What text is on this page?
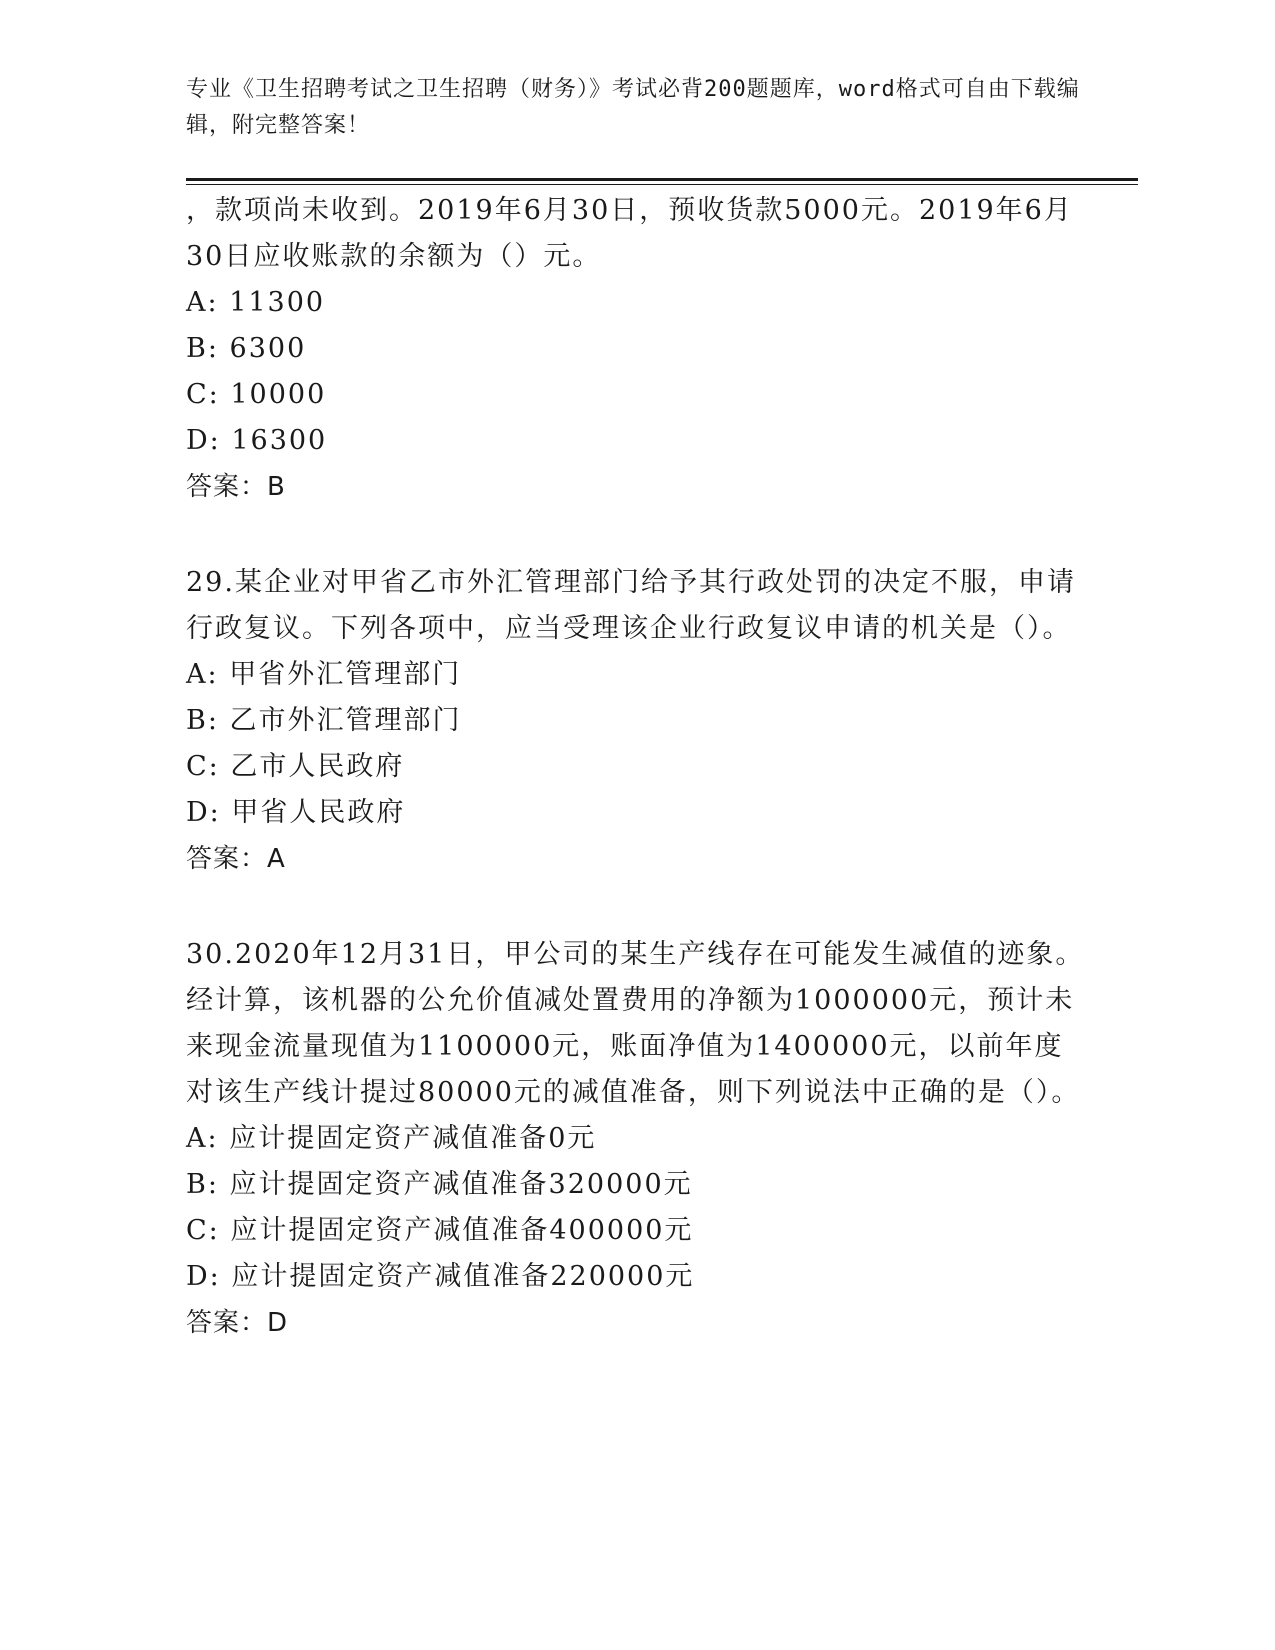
专业《卫生招聘考试之卫生招聘（财务）》考试必背200题题库，word格式可自由下载编辑，附完整答案！

，款项尚未收到。2019年6月30日，预收货款5000元。2019年6月30日应收账款的余额为（）元。

A: 11300

B: 6300

C: 10000

D: 16300

答案：B

29.某企业对甲省乙市外汇管理部门给予其行政处罚的决定不服，申请行政复议。下列各项中，应当受理该企业行政复议申请的机关是（）。

A: 甲省外汇管理部门

B: 乙市外汇管理部门

C: 乙市人民政府

D: 甲省人民政府

答案：A

30.2020年12月31日，甲公司的某生产线存在可能发生减值的迹象。经计算，该机器的公允价值减处置费用的净额为1000000元，预计未来现金流量现值为1100000元，账面净值为1400000元，以前年度对该生产线计提过80000元的减值准备，则下列说法中正确的是（）。

A: 应计提固定资产减值准备0元

B: 应计提固定资产减值准备320000元

C: 应计提固定资产减值准备400000元

D: 应计提固定资产减值准备220000元

答案：D
